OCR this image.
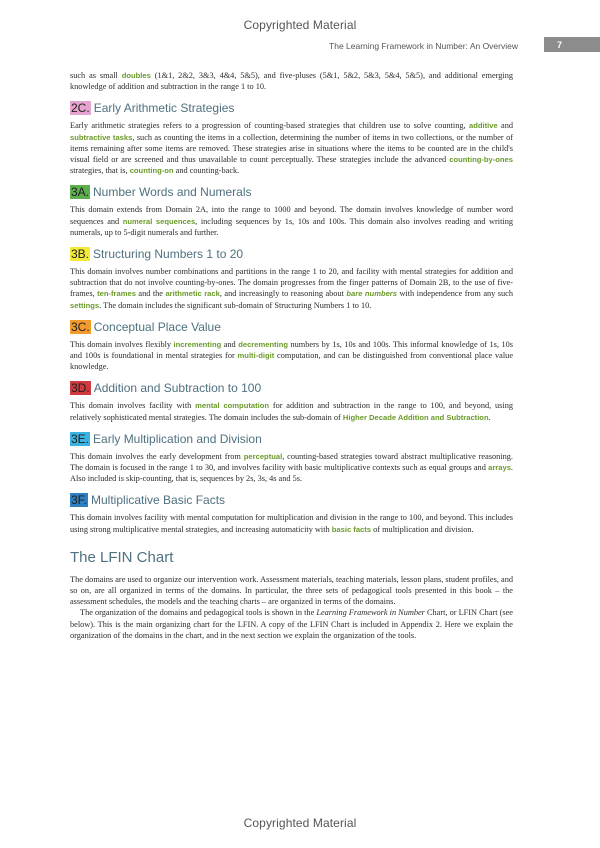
Copyrighted Material
The Learning Framework in Number: An Overview	7

such as small doubles (1&1, 2&2, 3&3, 4&4, 5&5), and five-pluses (5&1, 5&2, 5&3, 5&4, 5&5), and additional emerging knowledge of addition and subtraction in the range 1 to 10.

2C. Early Arithmetic Strategies

Early arithmetic strategies refers to a progression of counting-based strategies that children use to solve counting, additive and subtractive tasks, such as counting the items in a collection, determining the number of items in two collections, or the number of items remaining after some items are removed. These strategies arise in situations where the items to be counted are in the child's visual field or are screened and thus unavailable to count perceptually. These strategies include the advanced counting-by-ones strategies, that is, counting-on and counting-back.

3A. Number Words and Numerals

This domain extends from Domain 2A, into the range to 1000 and beyond. The domain involves knowledge of number word sequences and numeral sequences, including sequences by 1s, 10s and 100s. This domain also involves reading and writing numerals, up to 5-digit numerals and further.

3B. Structuring Numbers 1 to 20

This domain involves number combinations and partitions in the range 1 to 20, and facility with mental strategies for addition and subtraction that do not involve counting-by-ones. The domain progresses from the finger patterns of Domain 2B, to the use of five-frames, ten-frames and the arithmetic rack, and increasingly to reasoning about bare numbers with independence from any such settings. The domain includes the significant sub-domain of Structuring Numbers 1 to 10.

3C. Conceptual Place Value

This domain involves flexibly incrementing and decrementing numbers by 1s, 10s and 100s. This informal knowledge of 1s, 10s and 100s is foundational in mental strategies for multi-digit computation, and can be distinguished from conventional place value knowledge.

3D. Addition and Subtraction to 100

This domain involves facility with mental computation for addition and subtraction in the range to 100, and beyond, using relatively sophisticated mental strategies. The domain includes the sub-domain of Higher Decade Addition and Subtraction.

3E. Early Multiplication and Division

This domain involves the early development from perceptual, counting-based strategies toward abstract multiplicative reasoning. The domain is focused in the range 1 to 30, and involves facility with basic multiplicative contexts such as equal groups and arrays. Also included is skip-counting, that is, sequences by 2s, 3s, 4s and 5s.

3F. Multiplicative Basic Facts

This domain involves facility with mental computation for multiplication and division in the range to 100, and beyond. This includes using strong multiplicative mental strategies, and increasing automaticity with basic facts of multiplication and division.

The LFIN Chart

The domains are used to organize our intervention work. Assessment materials, teaching materials, lesson plans, student profiles, and so on, are all organized in terms of the domains. In particular, the three sets of pedagogical tools presented in this book – the assessment schedules, the models and the teaching charts – are organized in terms of the domains.

The organization of the domains and pedagogical tools is shown in the Learning Framework in Number Chart, or LFIN Chart (see below). This is the main organizing chart for the LFIN. A copy of the LFIN Chart is included in Appendix 2. Here we explain the organization of the domains in the chart, and in the next section we explain the organization of the tools.

Copyrighted Material
